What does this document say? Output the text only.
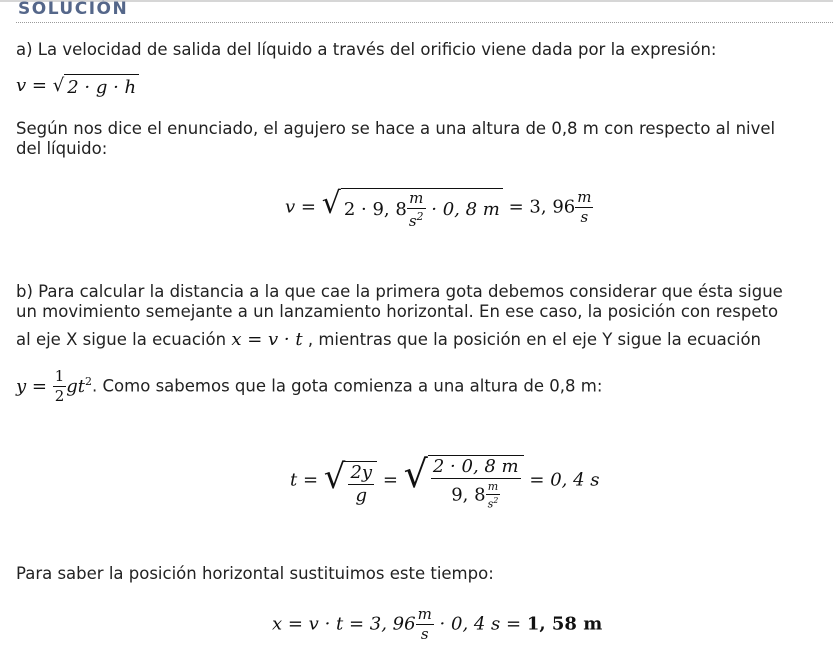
SOLUCIÓN
a) La velocidad de salida del líquido a través del orificio viene dada por la expresión:
v = √ 2 · g · h
Según nos dice el enunciado, el agujero se hace a una altura de 0,8 m con respecto al nivel
del líquido:
v = √ 2 · 9, $8 \frac{m}{s^2} \cdot 0$, 8 m = 3, $96 \frac{m}{s}$
b) Para calcular la distancia a la que cae la primera gota debemos considerar que ésta sigue
un movimiento semejante a un lanzamiento horizontal. En ese caso, la posición con respeto
al eje X sigue la ecuación x = v · t , mientras que la posición en el eje Y sigue la ecuación
$y = \frac{1}{2} gt^2$. Como sabemos que la gota comienza a una altura de 0,8 m:
t = √ $\frac{2y}{g}$ = √ $\frac{2 \cdot 0, 8 m}{9, 8 \frac{m}{s^2}} = 0$, 4 s
Para saber la posición horizontal sustituimos este tiempo:
x = v · t = 3, $96 \frac{m}{s} \cdot 0$, 4 s = 1, 58 m
